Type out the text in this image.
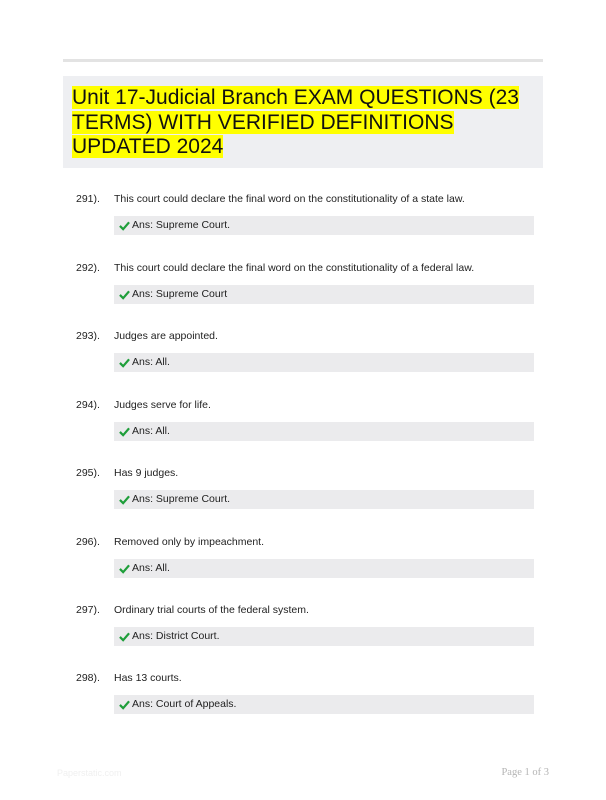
Unit 17-Judicial Branch EXAM QUESTIONS (23 TERMS) WITH VERIFIED DEFINITIONS UPDATED 2024
291). This court could declare the final word on the constitutionality of a state law.
Ans: Supreme Court.
292). This court could declare the final word on the constitutionality of a federal law.
Ans: Supreme Court
293). Judges are appointed.
Ans: All.
294). Judges serve for life.
Ans: All.
295). Has 9 judges.
Ans: Supreme Court.
296). Removed only by impeachment.
Ans: All.
297). Ordinary trial courts of the federal system.
Ans: District Court.
298). Has 13 courts.
Ans: Court of Appeals.
Paperstatic.com	Page 1 of 3
